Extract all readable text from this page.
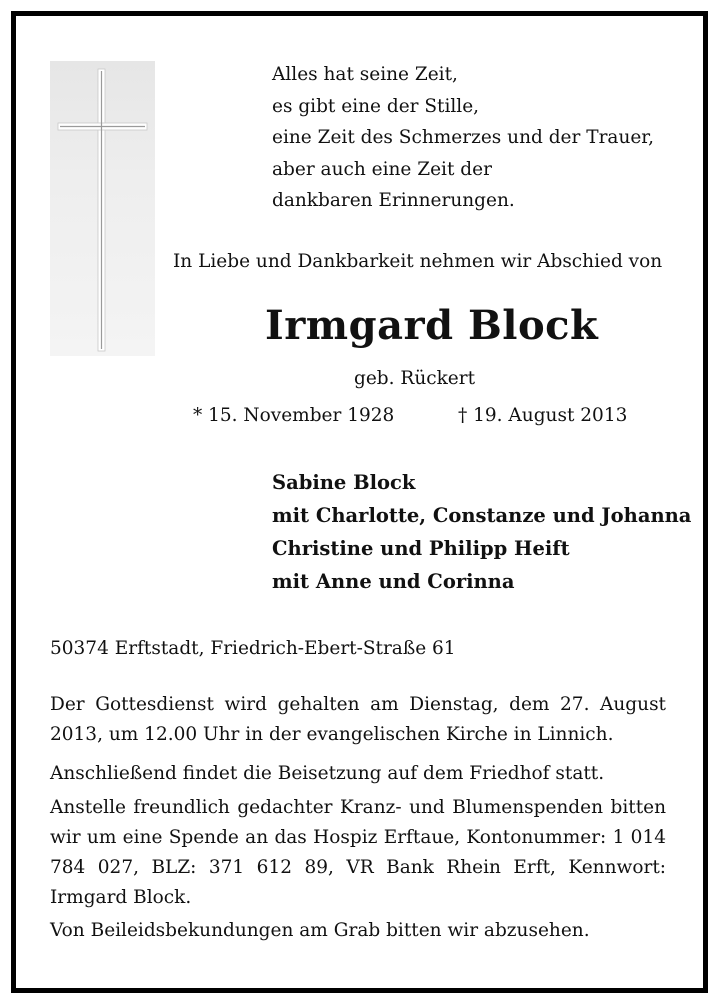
Alles hat seine Zeit,
es gibt eine der Stille,
eine Zeit des Schmerzes und der Trauer,
aber auch eine Zeit der
dankbaren Erinnerungen.
In Liebe und Dankbarkeit nehmen wir Abschied von
Irmgard Block
geb. Rückert
* 15. November 1928	† 19. August 2013
Sabine Block
mit Charlotte, Constanze und Johanna
Christine und Philipp Heift
mit Anne und Corinna
50374 Erftstadt, Friedrich-Ebert-Straße 61
Der Gottesdienst wird gehalten am Dienstag, dem 27. August 2013, um 12.00 Uhr in der evangelischen Kirche in Linnich.
Anschließend findet die Beisetzung auf dem Friedhof statt.
Anstelle freundlich gedachter Kranz- und Blumenspenden bitten wir um eine Spende an das Hospiz Erftaue, Kontonummer: 1 014 784 027, BLZ: 371 612 89, VR Bank Rhein Erft, Kennwort: Irmgard Block.
Von Beileidsbekundungen am Grab bitten wir abzusehen.
